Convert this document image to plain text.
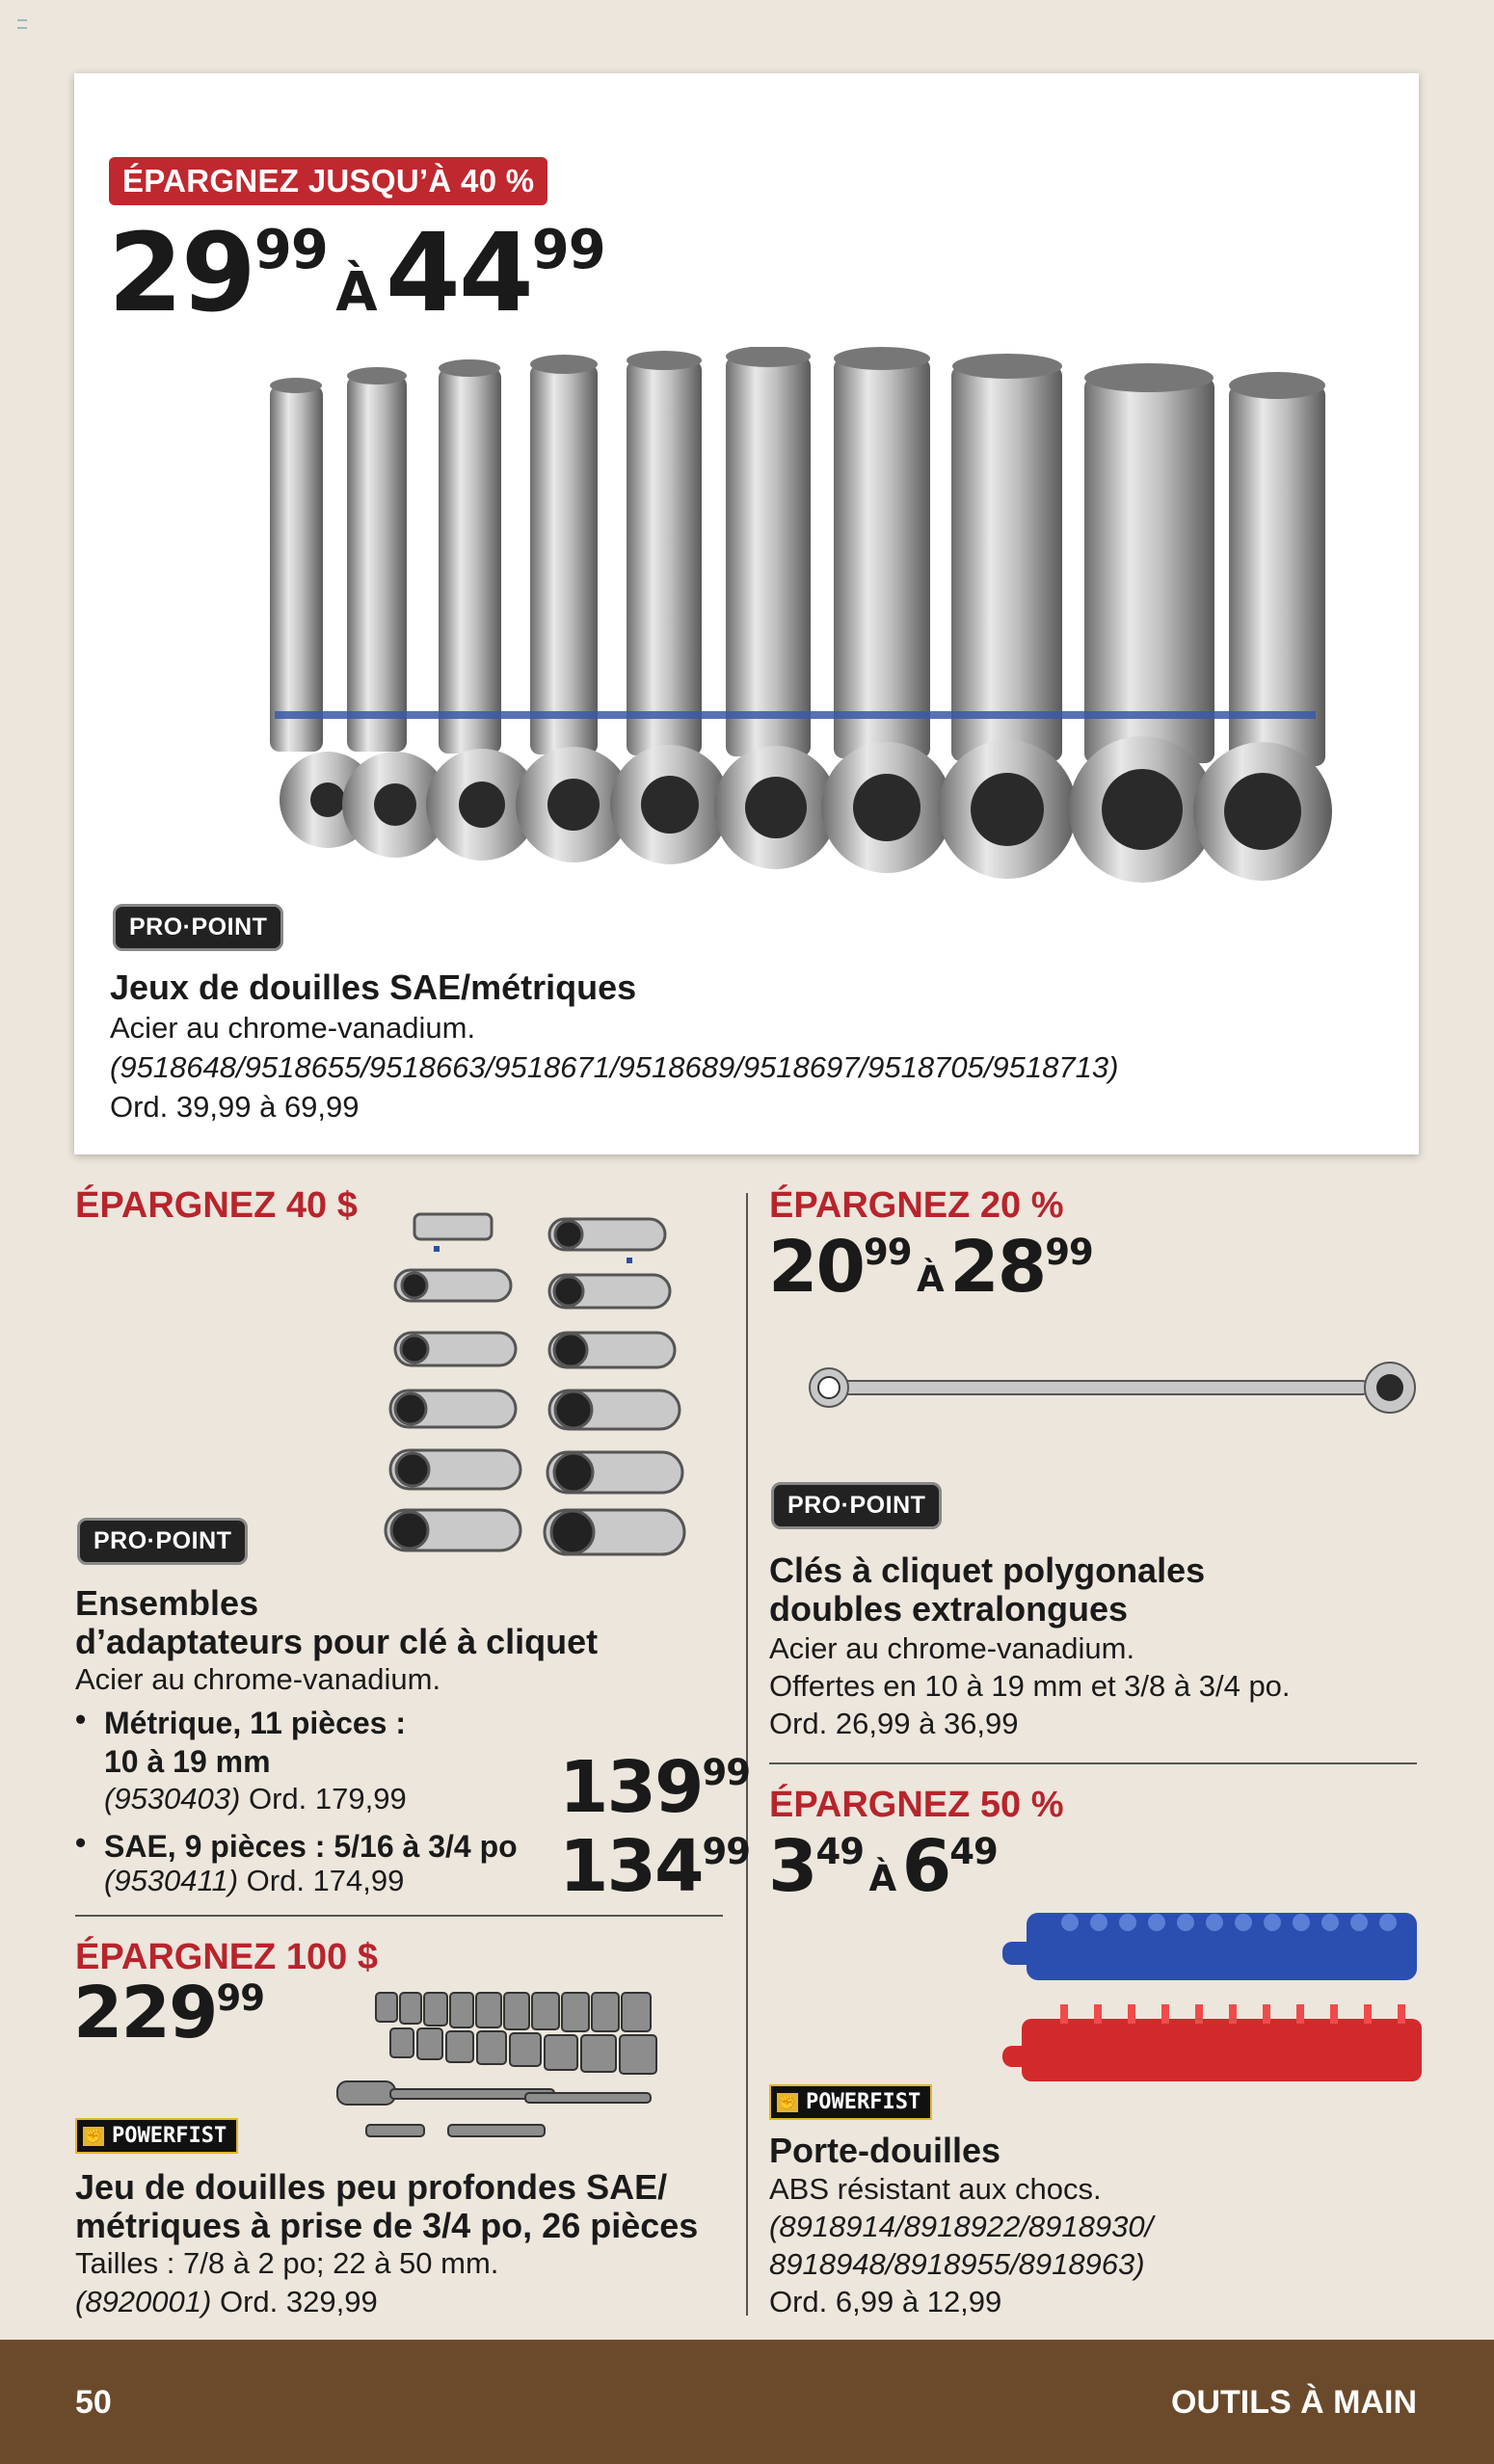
ÉPARGNEZ JUSQU’À 40 %
$29^{99}À44^{99}$
PRO·POINT
Jeux de douilles SAE/métriques
Acier au chrome-vanadium.
(9518648/9518655/9518663/9518671/9518689/9518697/9518705/9518713)
Ord. 39,99 à 69,99
ÉPARGNEZ 40 $
PRO·POINT
Ensembles
d’adaptateurs pour clé à cliquet
Acier au chrome-vanadium.
• Métrique, 11 pièces :
10 à 19 mm
(9530403) Ord. 179,99 $139^{99}$
• SAE, 9 pièces : 5/16 à 3/4 po
(9530411) Ord. 174,99 $134^{99}$
ÉPARGNEZ 100 $
$229^{99}$
✊ POWERFIST
Jeu de douilles peu profondes SAE/
métriques à prise de 3/4 po, 26 pièces
Tailles : 7/8 à 2 po; 22 à 50 mm.
(8920001) Ord. 329,99
ÉPARGNEZ 20 %
$20^{99}À28^{99}$
PRO·POINT
Clés à cliquet polygonales
doubles extralongues
Acier au chrome-vanadium.
Offertes en 10 à 19 mm et 3/8 à 3/4 po.
Ord. 26,99 à 36,99
ÉPARGNEZ 50 %
$3^{49}À6^{49}$
✊ POWERFIST
Porte-douilles
ABS résistant aux chocs.
(8918914/8918922/8918930/
8918948/8918955/8918963)
Ord. 6,99 à 12,99
50	OUTILS À MAIN
